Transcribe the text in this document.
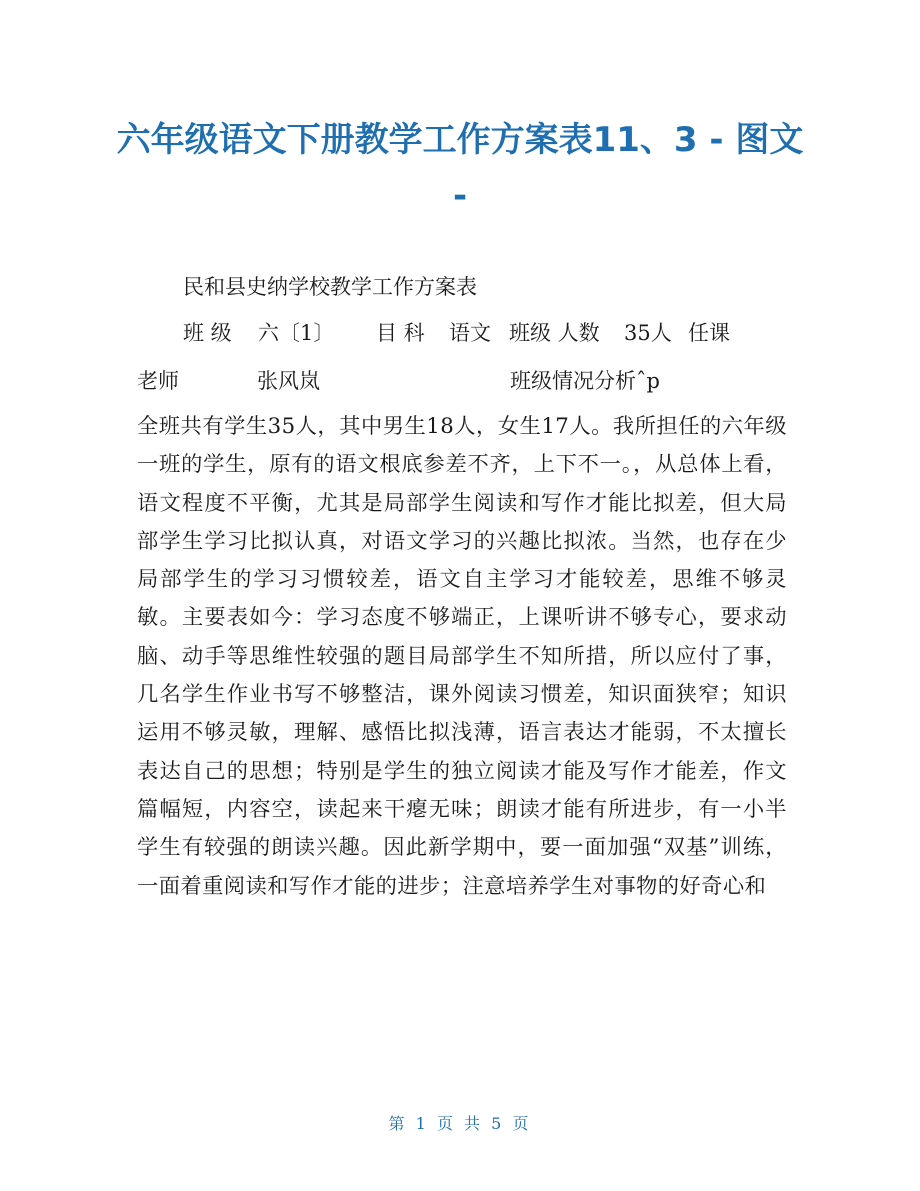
六年级语文下册教学工作方案表11、3 - 图文
-
民和县史纳学校教学工作方案表
班 级 六〔1〕 目 科 语文 班级 人数 35人 任课
老师	张风岚	班级情况分析ˆp
全班共有学生35人，其中男生18人，女生17人。我所担任的六年级一班的学生，原有的语文根底参差不齐，上下不一。，从总体上看，语文程度不平衡，尤其是局部学生阅读和写作才能比拟差，但大局部学生学习比拟认真，对语文学习的兴趣比拟浓。当然，也存在少局部学生的学习习惯较差，语文自主学习才能较差，思维不够灵敏。主要表如今：学习态度不够端正，上课听讲不够专心，要求动脑、动手等思维性较强的题目局部学生不知所措，所以应付了事，几名学生作业书写不够整洁，课外阅读习惯差，知识面狭窄；知识运用不够灵敏，理解、感悟比拟浅薄，语言表达才能弱，不太擅长表达自己的思想；特别是学生的独立阅读才能及写作才能差，作文篇幅短，内容空，读起来干瘪无味；朗读才能有所进步，有一小半学生有较强的朗读兴趣。因此新学期中，要一面加强“双基”训练，一面着重阅读和写作才能的进步；注意培养学生对事物的好奇心和
第 1 页 共 5 页
